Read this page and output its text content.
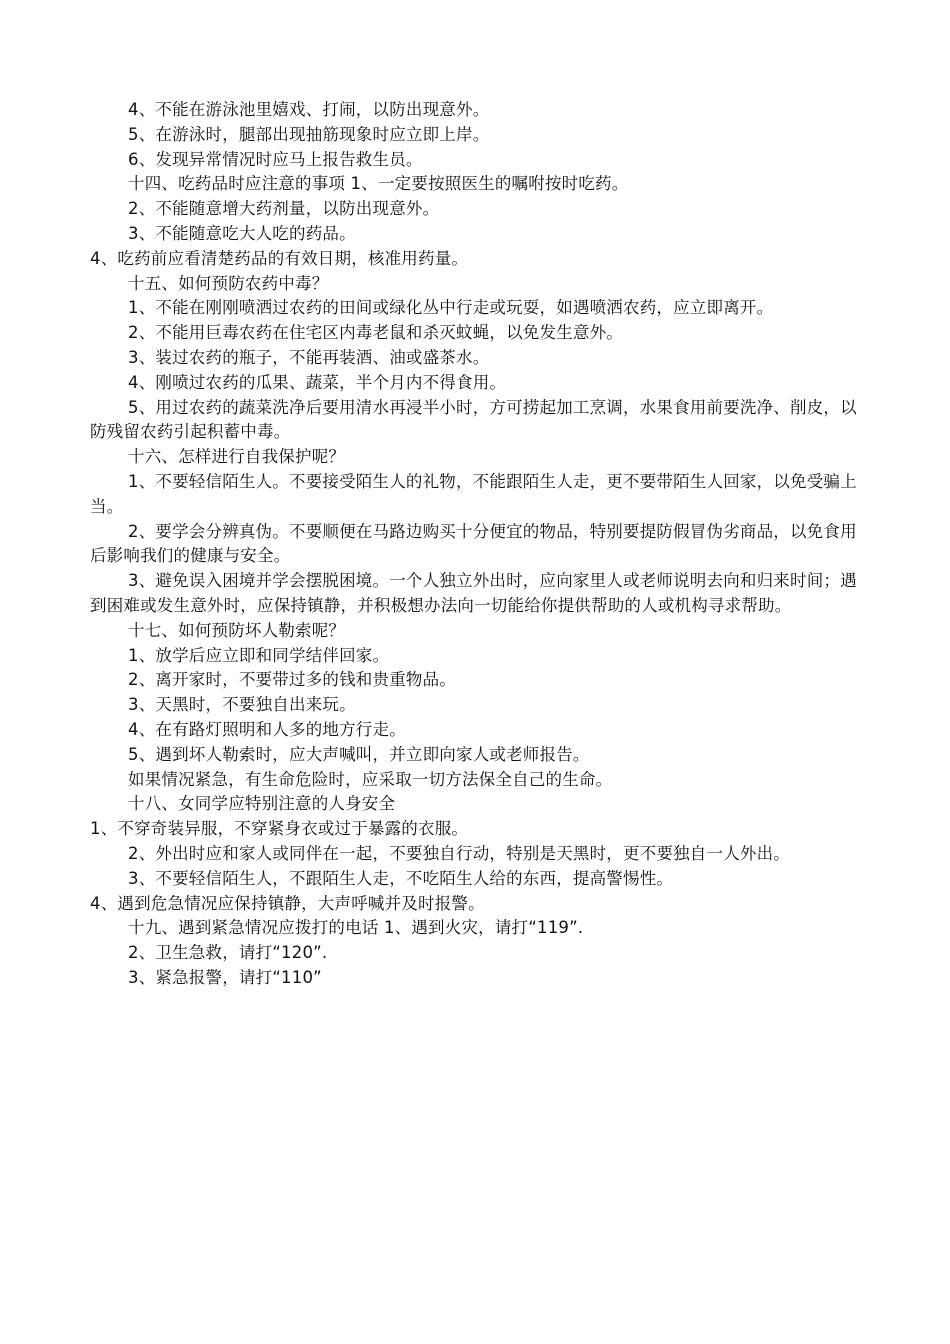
4、不能在游泳池里嬉戏、打闹，以防出现意外。

5、在游泳时，腿部出现抽筋现象时应立即上岸。

6、发现异常情况时应马上报告救生员。

十四、吃药品时应注意的事项 1、一定要按照医生的嘱咐按时吃药。

2、不能随意增大药剂量，以防出现意外。

3、不能随意吃大人吃的药品。

4、吃药前应看清楚药品的有效日期，核准用药量。

十五、如何预防农药中毒？

1、不能在刚刚喷洒过农药的田间或绿化丛中行走或玩耍，如遇喷洒农药，应立即离开。

2、不能用巨毒农药在住宅区内毒老鼠和杀灭蚊蝇，以免发生意外。

3、装过农药的瓶子，不能再装酒、油或盛茶水。

4、刚喷过农药的瓜果、蔬菜，半个月内不得食用。

5、用过农药的蔬菜洗净后要用清水再浸半小时，方可捞起加工烹调，水果食用前要洗净、削皮，以防残留农药引起积蓄中毒。

十六、怎样进行自我保护呢？

1、不要轻信陌生人。不要接受陌生人的礼物，不能跟陌生人走，更不要带陌生人回家，以免受骗上当。

2、要学会分辨真伪。不要顺便在马路边购买十分便宜的物品，特别要提防假冒伪劣商品，以免食用后影响我们的健康与安全。

3、避免误入困境并学会摆脱困境。一个人独立外出时，应向家里人或老师说明去向和归来时间；遇到困难或发生意外时，应保持镇静，并积极想办法向一切能给你提供帮助的人或机构寻求帮助。

十七、如何预防坏人勒索呢？

1、放学后应立即和同学结伴回家。

2、离开家时，不要带过多的钱和贵重物品。

3、天黑时，不要独自出来玩。

4、在有路灯照明和人多的地方行走。

5、遇到坏人勒索时，应大声喊叫，并立即向家人或老师报告。

如果情况紧急，有生命危险时，应采取一切方法保全自己的生命。

十八、女同学应特别注意的人身安全

1、不穿奇装异服，不穿紧身衣或过于暴露的衣服。

2、外出时应和家人或同伴在一起，不要独自行动，特别是天黑时，更不要独自一人外出。

3、不要轻信陌生人，不跟陌生人走，不吃陌生人给的东西，提高警惕性。

4、遇到危急情况应保持镇静，大声呼喊并及时报警。

十九、遇到紧急情况应拨打的电话 1、遇到火灾，请打“119”.

2、卫生急救，请打“120”.

3、紧急报警，请打“110”
